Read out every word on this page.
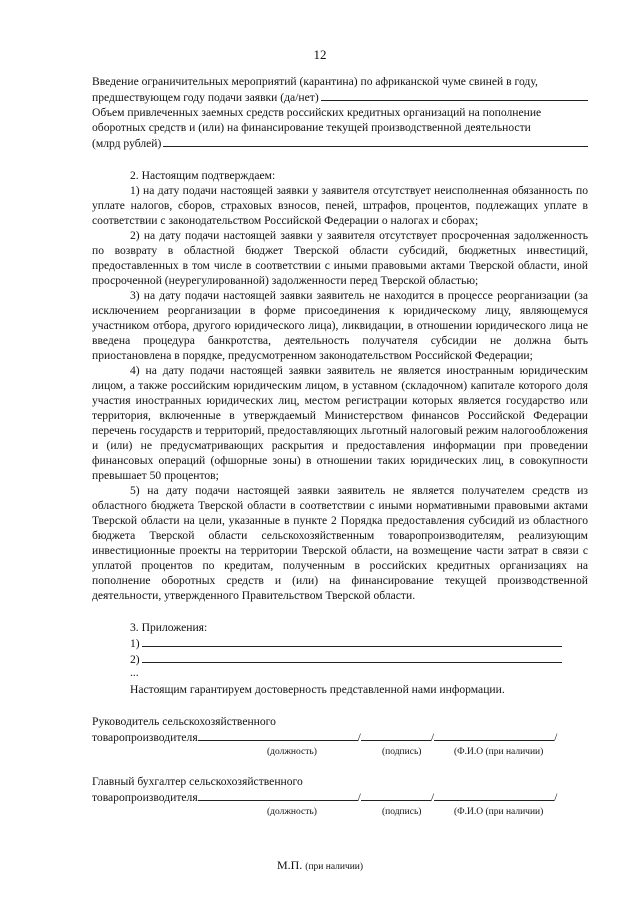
12

Введение ограничительных мероприятий (карантина) по африканской чуме свиней в году,

предшествующем году подачи заявки (да/нет)

Объем привлеченных заемных средств российских кредитных организаций на пополнение

оборотных средств и (или) на финансирование текущей производственной деятельности

(млрд рублей)

2. Настоящим подтверждаем:

1) на дату подачи настоящей заявки у заявителя отсутствует неисполненная обязанность по уплате налогов, сборов, страховых взносов, пеней, штрафов, процентов, подлежащих уплате в соответствии с законодательством Российской Федерации о налогах и сборах;

2) на дату подачи настоящей заявки у заявителя отсутствует просроченная задолженность по возврату в областной бюджет Тверской области субсидий, бюджетных инвестиций, предоставленных в том числе в соответствии с иными правовыми актами Тверской области, иной просроченной (неурегулированной) задолженности перед Тверской областью;

3) на дату подачи настоящей заявки заявитель не находится в процессе реорганизации (за исключением реорганизации в форме присоединения к юридическому лицу, являющемуся участником отбора, другого юридического лица), ликвидации, в отношении юридического лица не введена процедура банкротства, деятельность получателя субсидии не должна быть приостановлена в порядке, предусмотренном законодательством Российской Федерации;

4) на дату подачи настоящей заявки заявитель не является иностранным юридическим лицом, а также российским юридическим лицом, в уставном (складочном) капитале которого доля участия иностранных юридических лиц, местом регистрации которых является государство или территория, включенные в утверждаемый Министерством финансов Российской Федерации перечень государств и территорий, предоставляющих льготный налоговый режим налогообложения и (или) не предусматривающих раскрытия и предоставления информации при проведении финансовых операций (офшорные зоны) в отношении таких юридических лиц, в совокупности превышает 50 процентов;

5) на дату подачи настоящей заявки заявитель не является получателем средств из областного бюджета Тверской области в соответствии с иными нормативными правовыми актами Тверской области на цели, указанные в пункте 2 Порядка предоставления субсидий из областного бюджета Тверской области сельскохозяйственным товаропроизводителям, реализующим инвестиционные проекты на территории Тверской области, на возмещение части затрат в связи с уплатой процентов по кредитам, полученным в российских кредитных организациях на пополнение оборотных средств и (или) на финансирование текущей производственной деятельности, утвержденного Правительством Тверской области.

3. Приложения:

1)
2)

...

Настоящим гарантируем достоверность представленной нами информации.

Руководитель сельскохозяйственного

товаропроизводителя	/	/	/
(должность)	(подпись)	(Ф.И.О (при наличии)

Главный бухгалтер сельскохозяйственного

товаропроизводителя	/	/	/
(должность)	(подпись)	(Ф.И.О (при наличии)
М.П. (при наличии)
